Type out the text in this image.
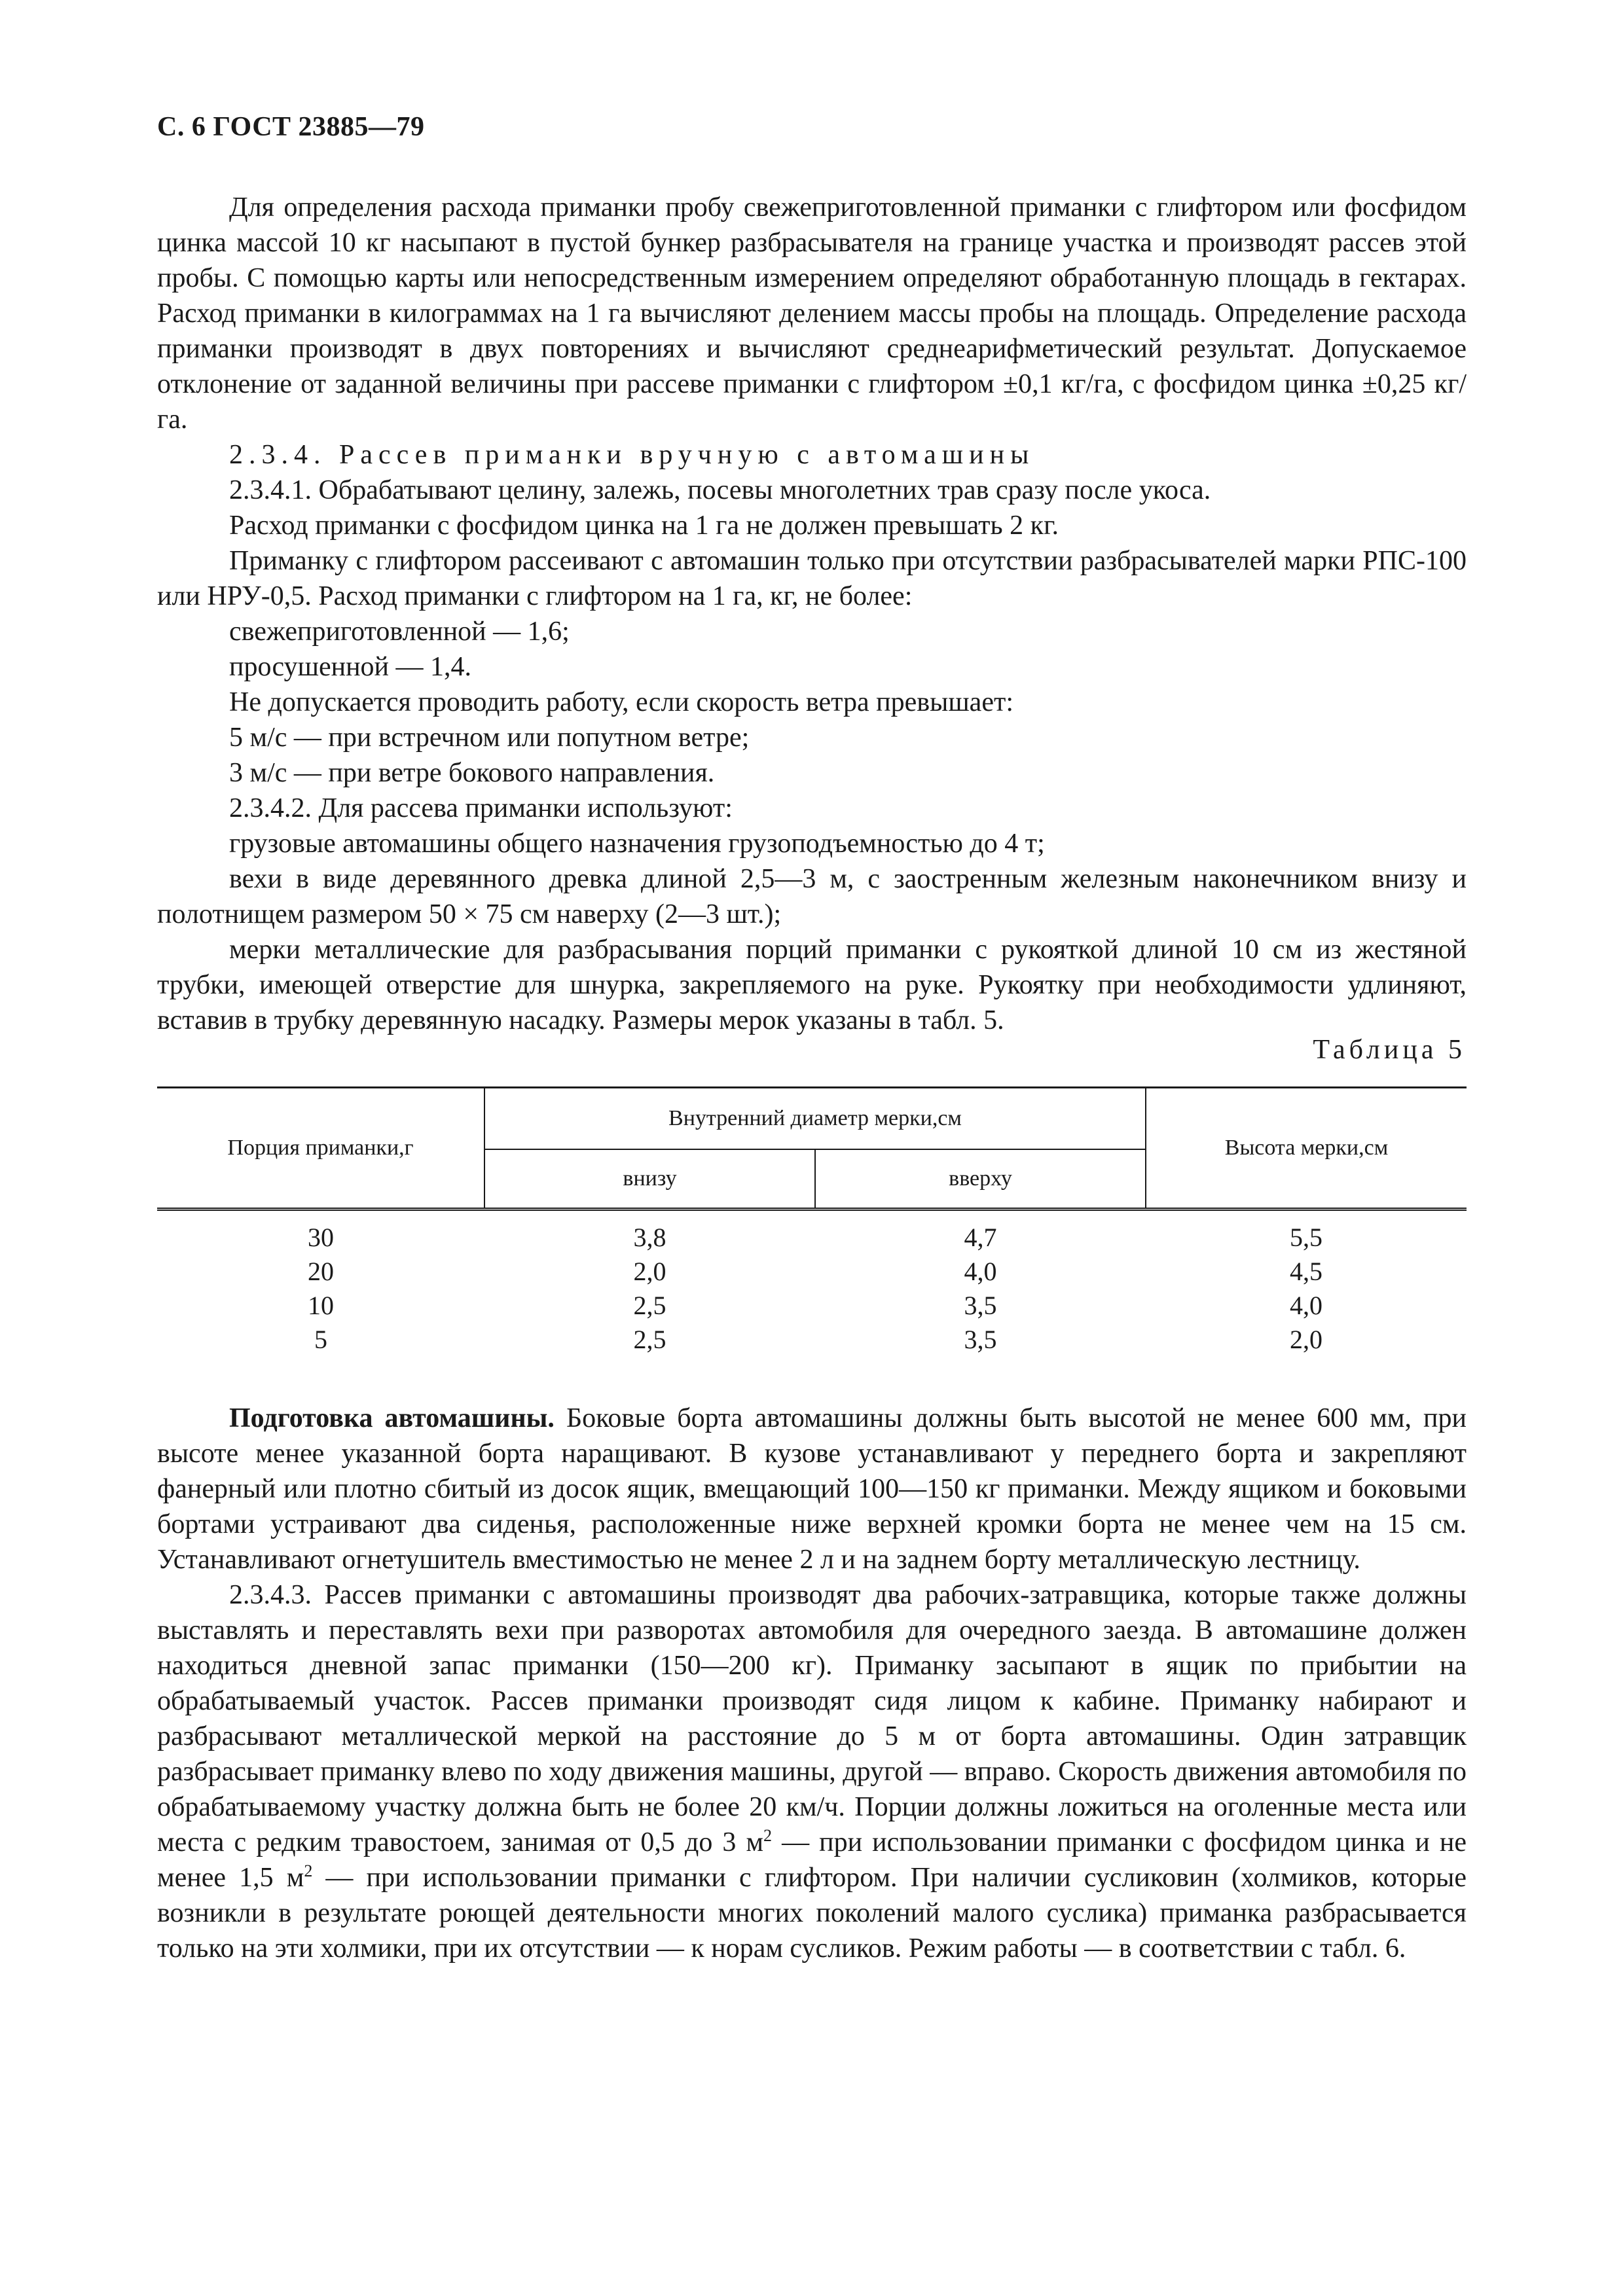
С. 6 ГОСТ 23885—79

Для определения расхода приманки пробу свежеприготовленной приманки с глифтором или фосфидом цинка массой 10 кг насыпают в пустой бункер разбрасывателя на границе участка и производят рассев этой пробы. С помощью карты или непосредственным измерением определяют обработанную площадь в гектарах. Расход приманки в килограммах на 1 га вычисляют делением массы пробы на площадь. Определение расхода приманки производят в двух повторениях и вычисляют среднеарифметический результат. Допускаемое отклонение от заданной величины при рассеве приманки с глифтором ±0,1 кг/га, с фосфидом цинка ±0,25 кг/га.

2.3.4. Рассев приманки вручную с автомашины

2.3.4.1. Обрабатывают целину, залежь, посевы многолетних трав сразу после укоса.

Расход приманки с фосфидом цинка на 1 га не должен превышать 2 кг.

Приманку с глифтором рассеивают с автомашин только при отсутствии разбрасывателей марки РПС-100 или НРУ-0,5. Расход приманки с глифтором на 1 га, кг, не более:

свежеприготовленной — 1,6;

просушенной — 1,4.

Не допускается проводить работу, если скорость ветра превышает:

5 м/с — при встречном или попутном ветре;

3 м/с — при ветре бокового направления.

2.3.4.2. Для рассева приманки используют:

грузовые автомашины общего назначения грузоподъемностью до 4 т;

вехи в виде деревянного древка длиной 2,5—3 м, с заостренным железным наконечником внизу и полотнищем размером 50 × 75 см наверху (2—3 шт.);

мерки металлические для разбрасывания порций приманки с рукояткой длиной 10 см из жестяной трубки, имеющей отверстие для шнурка, закрепляемого на руке. Рукоятку при необходимости удлиняют, вставив в трубку деревянную насадку. Размеры мерок указаны в табл. 5.

Таблица 5
Порция приманки,г	Внутренний диаметр мерки,см		Высота мерки,см
	внизу	вверху	
30	3,8	4,7	5,5
20	2,0	4,0	4,5
10	2,5	3,5	4,0
5	2,5	3,5	2,0

Подготовка автомашины. Боковые борта автомашины должны быть высотой не менее 600 мм, при высоте менее указанной борта наращивают. В кузове устанавливают у переднего борта и закрепляют фанерный или плотно сбитый из досок ящик, вмещающий 100—150 кг приманки. Между ящиком и боковыми бортами устраивают два сиденья, расположенные ниже верхней кромки борта не менее чем на 15 см. Устанавливают огнетушитель вместимостью не менее 2 л и на заднем борту металлическую лестницу.

2.3.4.3. Рассев приманки с автомашины производят два рабочих-затравщика, которые также должны выставлять и переставлять вехи при разворотах автомобиля для очередного заезда. В автомашине должен находиться дневной запас приманки (150—200 кг). Приманку засыпают в ящик по прибытии на обрабатываемый участок. Рассев приманки производят сидя лицом к кабине. Приманку набирают и разбрасывают металлической меркой на расстояние до 5 м от борта автомашины. Один затравщик разбрасывает приманку влево по ходу движения машины, другой — вправо. Скорость движения автомобиля по обрабатываемому участку должна быть не более 20 км/ч. Порции должны ложиться на оголенные места или места с редким травостоем, занимая от 0,5 до 3 $м^2$ — при использовании приманки с фосфидом цинка и не менее 1,5 $м^2$ — при использовании приманки с глифтором. При наличии сусликовин (холмиков, которые возникли в результате роющей деятельности многих поколений малого суслика) приманка разбрасывается только на эти холмики, при их отсутствии — к норам сусликов. Режим работы — в соответствии с табл. 6.
